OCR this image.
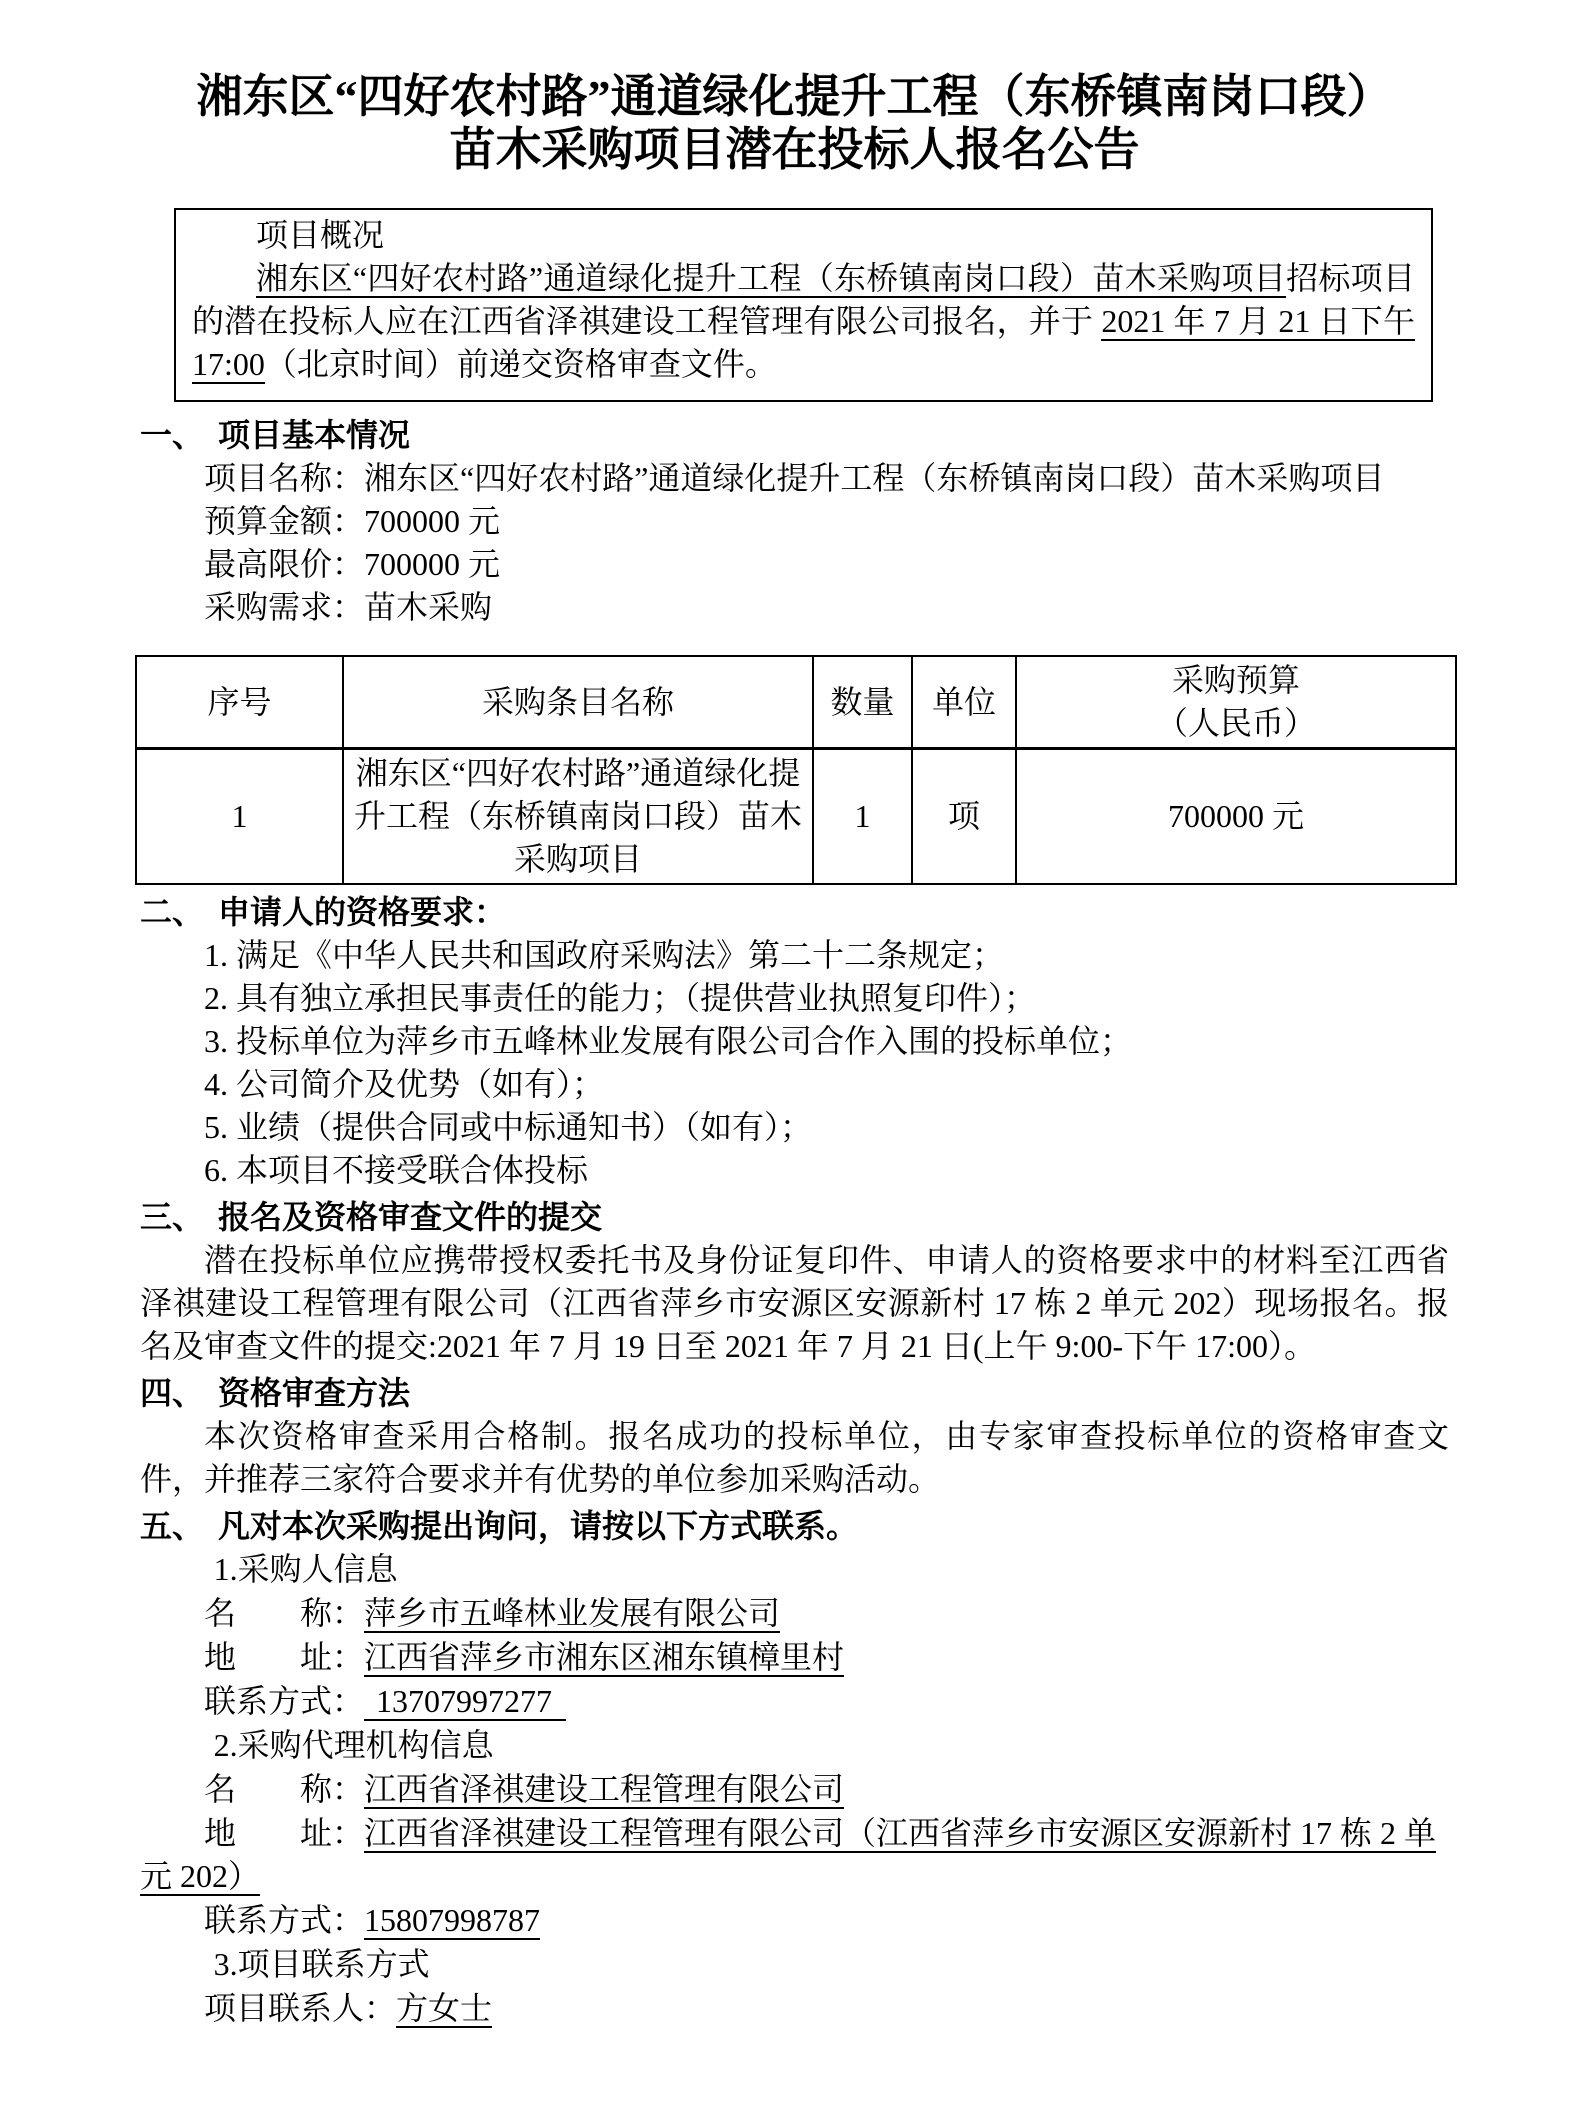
湘东区“四好农村路”通道绿化提升工程（东桥镇南岗口段）
苗木采购项目潜在投标人报名公告

项目概况

湘东区“四好农村路”通道绿化提升工程（东桥镇南岗口段）苗木采购项目招标项目的潜在投标人应在江西省泽祺建设工程管理有限公司报名，并于 2021 年 7 月 21 日下午 17:00（北京时间）前递交资格审查文件。

一、 项目基本情况

项目名称：湘东区“四好农村路”通道绿化提升工程（东桥镇南岗口段）苗木采购项目

预算金额：700000 元

最高限价：700000 元

采购需求：苗木采购

序号	采购条目名称	数量	单位	采购预算
（人民币）

1	湘东区“四好农村路”通道绿化提升工程（东桥镇南岗口段）苗木采购项目	1	项	700000 元
二、 申请人的资格要求：

1. 满足《中华人民共和国政府采购法》第二十二条规定；

2. 具有独立承担民事责任的能力；（提供营业执照复印件）；

3. 投标单位为萍乡市五峰林业发展有限公司合作入围的投标单位；

4. 公司简介及优势（如有）；

5. 业绩（提供合同或中标通知书）（如有）；

6. 本项目不接受联合体投标

三、 报名及资格审查文件的提交

潜在投标单位应携带授权委托书及身份证复印件、申请人的资格要求中的材料至江西省泽祺建设工程管理有限公司（江西省萍乡市安源区安源新村 17 栋 2 单元 202）现场报名。报名及审查文件的提交:2021 年 7 月 19 日至 2021 年 7 月 21 日(上午 9:00-下午 17:00）。

四、 资格审查方法

本次资格审查采用合格制。报名成功的投标单位，由专家审查投标单位的资格审查文件，并推荐三家符合要求并有优势的单位参加采购活动。

五、 凡对本次采购提出询问，请按以下方式联系。

1.采购人信息

名　　称：萍乡市五峰林业发展有限公司

地　　址：江西省萍乡市湘东区湘东镇樟里村

联系方式： 13707997277

2.采购代理机构信息

名　　称：江西省泽祺建设工程管理有限公司

地　　址：江西省泽祺建设工程管理有限公司（江西省萍乡市安源区安源新村 17 栋 2 单元 202）

联系方式：15807998787

3.项目联系方式

项目联系人：方女士
